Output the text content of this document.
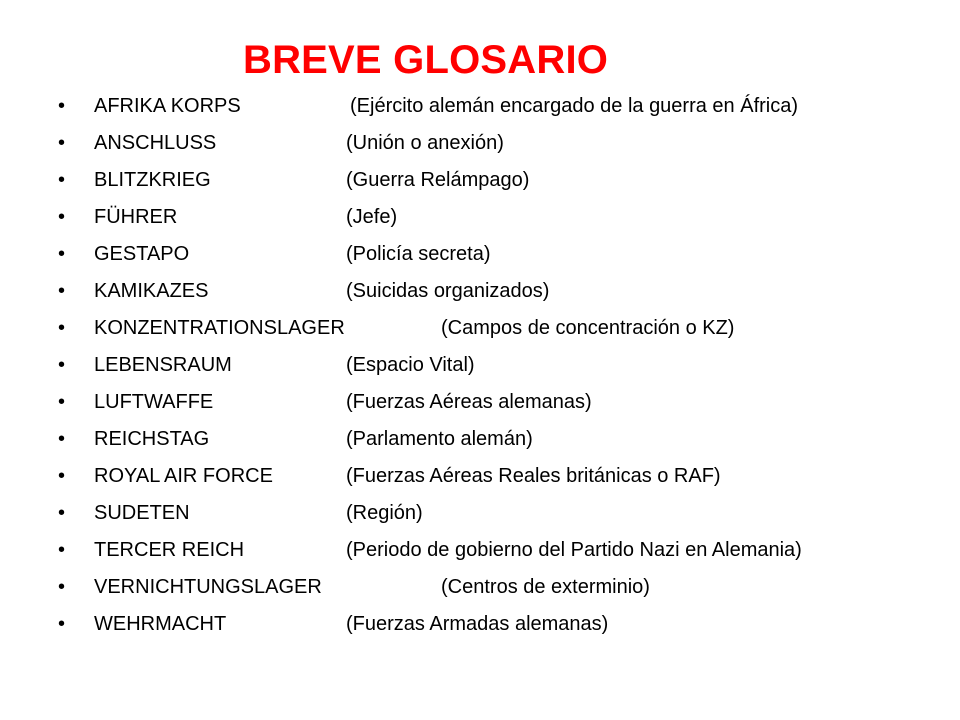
BREVE GLOSARIO
• AFRIKA KORPS	(Ejército alemán encargado de la guerra en África)
• ANSCHLUSS	(Unión o anexión)
• BLITZKRIEG	(Guerra Relámpago)
• FÜHRER	(Jefe)
• GESTAPO	(Policía secreta)
• KAMIKAZES	(Suicidas organizados)
• KONZENTRATIONSLAGER	(Campos de concentración o KZ)
• LEBENSRAUM	(Espacio Vital)
• LUFTWAFFE	(Fuerzas Aéreas alemanas)
• REICHSTAG	(Parlamento alemán)
• ROYAL AIR FORCE	(Fuerzas Aéreas Reales británicas o RAF)
• SUDETEN	(Región)
• TERCER REICH	(Periodo de gobierno del Partido Nazi en Alemania)
• VERNICHTUNGSLAGER	(Centros de exterminio)
• WEHRMACHT	(Fuerzas Armadas alemanas)
